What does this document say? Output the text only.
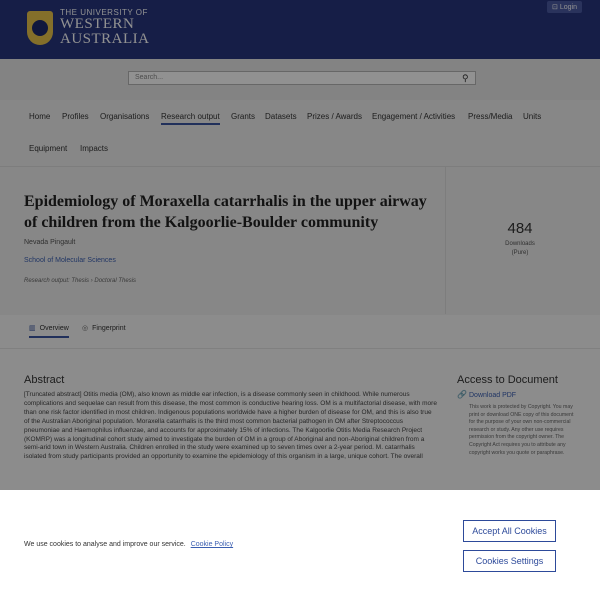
THE UNIVERSITY OF
WESTERN
AUSTRALIA
⊡ Login
Search...	⚲
Home Profiles Organisations Research output Grants Datasets Prizes / Awards Engagement / Activities Press/Media Units
Equipment Impacts
Epidemiology of Moraxella catarrhalis in the upper airway of children from the Kalgoorlie-Boulder community
Nevada Pingault
School of Molecular Sciences
Research output: Thesis › Doctoral Thesis
484
Downloads
(Pure)
▥ Overview ◎ Fingerprint
Abstract
[Truncated abstract] Otitis media (OM), also known as middle ear infection, is a disease commonly seen in childhood. While numerous complications and sequelae can result from this disease, the most common is conductive hearing loss. OM is a multifactorial disease, with more than one risk factor identified in most children. Indigenous populations worldwide have a higher burden of disease for OM, and this is also true of the Australian Aboriginal population. Moraxella catarrhalis is the third most common bacterial pathogen in OM after Streptococcus pneumoniae and Haemophilus influenzae, and accounts for approximately 15% of infections. The Kalgoorlie Otitis Media Research Project (KOMRP) was a longitudinal cohort study aimed to investigate the burden of OM in a group of Aboriginal and non-Aboriginal children from a semi-arid town in Western Australia. Children enrolled in the study were examined up to seven times over a 2-year period. M. catarrhalis isolated from study participants provided an opportunity to examine the epidemiology of this organism in a large, unique cohort. The overall
Access to Document
🔗 Download PDF
This work is protected by Copyright. You may print or download ONE copy of this document for the purpose of your own non-commercial research or study. Any other use requires permission from the copyright owner. The Copyright Act requires you to attribute any copyright works you quote or paraphrase.
We use cookies to analyse and improve our service. Cookie Policy
Accept All Cookies
Cookies Settings
